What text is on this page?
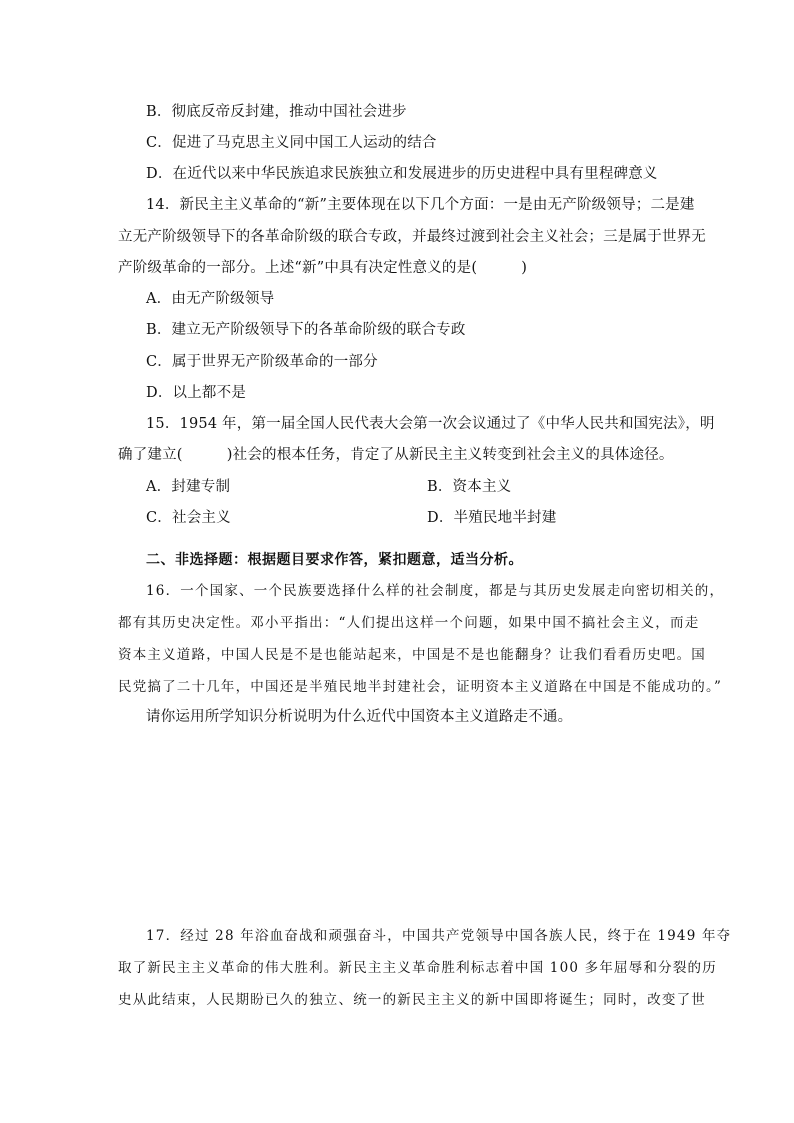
B．彻底反帝反封建，推动中国社会进步
C．促进了马克思主义同中国工人运动的结合
D．在近代以来中华民族追求民族独立和发展进步的历史进程中具有里程碑意义
14．新民主主义革命的“新”主要体现在以下几个方面：一是由无产阶级领导；二是建
立无产阶级领导下的各革命阶级的联合专政，并最终过渡到社会主义社会；三是属于世界无
产阶级革命的一部分。上述“新”中具有决定性意义的是(　　　)
A．由无产阶级领导
B．建立无产阶级领导下的各革命阶级的联合专政
C．属于世界无产阶级革命的一部分
D．以上都不是
15．1954 年，第一届全国人民代表大会第一次会议通过了《中华人民共和国宪法》，明
确了建立(　　　)社会的根本任务，肯定了从新民主主义转变到社会主义的具体途径。
A．封建专制	B．资本主义
C．社会主义	D．半殖民地半封建
二、非选择题：根据题目要求作答，紧扣题意，适当分析。
16．一个国家、一个民族要选择什么样的社会制度，都是与其历史发展走向密切相关的，
都有其历史决定性。邓小平指出：“人们提出这样一个问题，如果中国不搞社会主义，而走
资本主义道路，中国人民是不是也能站起来，中国是不是也能翻身？让我们看看历史吧。国
民党搞了二十几年，中国还是半殖民地半封建社会，证明资本主义道路在中国是不能成功的。”
请你运用所学知识分析说明为什么近代中国资本主义道路走不通。
17．经过 28 年浴血奋战和顽强奋斗，中国共产党领导中国各族人民，终于在 1949 年夺
取了新民主主义革命的伟大胜利。新民主主义革命胜利标志着中国 100 多年屈辱和分裂的历
史从此结束，人民期盼已久的独立、统一的新民主主义的新中国即将诞生；同时，改变了世
